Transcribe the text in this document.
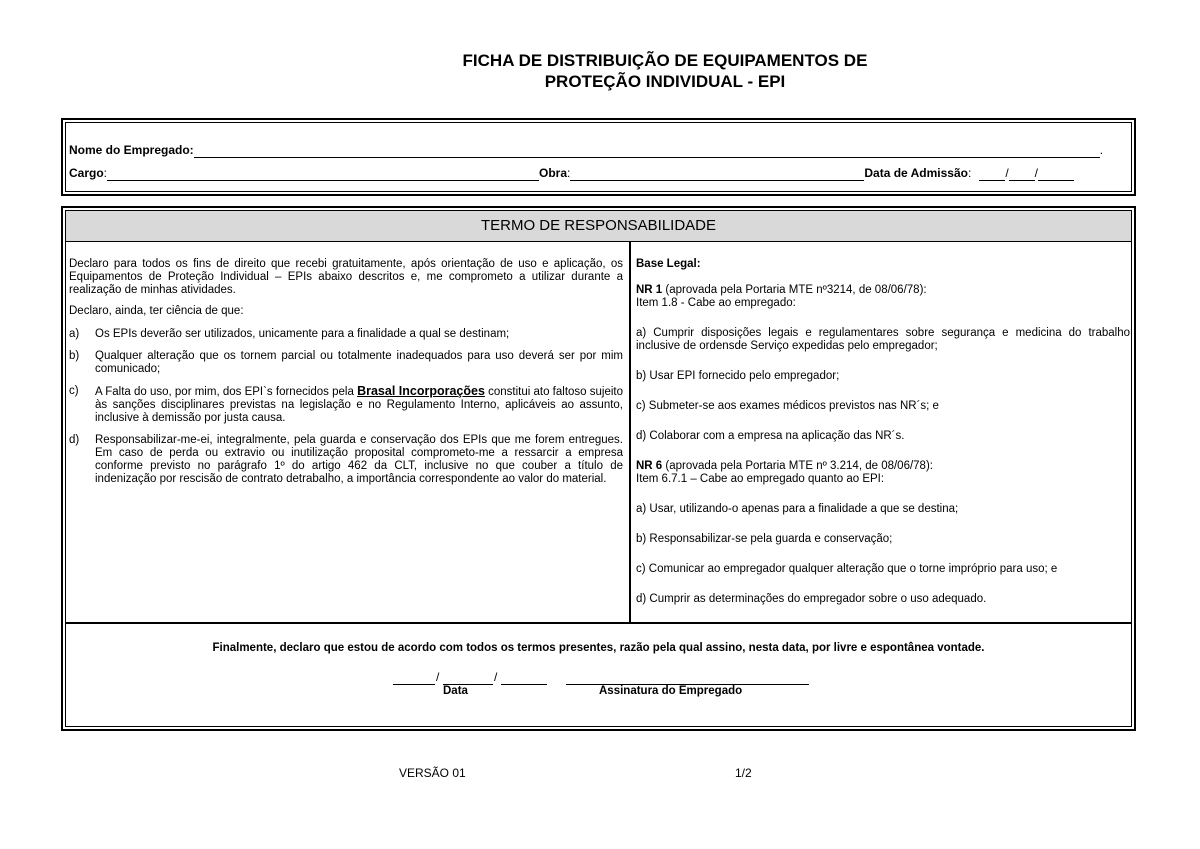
FICHA DE DISTRIBUIÇÃO DE EQUIPAMENTOS DE
PROTEÇÃO INDIVIDUAL - EPI
Nome do Empregado:	.
Cargo :	Obra :	Data de Admissão :	/ /
TERMO DE RESPONSABILIDADE
Declaro para todos os fins de direito que recebi gratuitamente, após orientação de uso e aplicação, os Equipamentos de Proteção Individual – EPIs abaixo descritos e, me comprometo a utilizar durante a realização de minhas atividades.
Declaro, ainda, ter ciência de que:
a)	Os EPIs deverão ser utilizados, unicamente para a finalidade a qual se destinam;
b)	Qualquer alteração que os tornem parcial ou totalmente inadequados para uso deverá ser por mim comunicado;
c)	A Falta do uso, por mim, dos EPI`s fornecidos pela Brasal Incorporações constitui ato faltoso sujeito às sanções disciplinares previstas na legislação e no Regulamento Interno, aplicáveis ao assunto, inclusive à demissão por justa causa.
d)	Responsabilizar-me-ei, integralmente, pela guarda e conservação dos EPIs que me forem entregues. Em caso de perda ou extravio ou inutilização proposital comprometo-me a ressarcir a empresa conforme previsto no parágrafo 1º do artigo 462 da CLT, inclusive no que couber a título de indenização por rescisão de contrato detrabalho, a importância correspondente ao valor do material.
Base Legal:
NR 1 (aprovada pela Portaria MTE nº3214, de 08/06/78):
Item 1.8 - Cabe ao empregado:
a) Cumprir disposições legais e regulamentares sobre segurança e medicina do trabalho inclusive de ordensde Serviço expedidas pelo empregador;
b) Usar EPI fornecido pelo empregador;
c) Submeter-se aos exames médicos previstos nas NR´s; e
d) Colaborar com a empresa na aplicação das NR´s.
NR 6 (aprovada pela Portaria MTE nº 3.214, de 08/06/78):
Item 6.7.1 – Cabe ao empregado quanto ao EPI:
a) Usar, utilizando-o apenas para a finalidade a que se destina;
b) Responsabilizar-se pela guarda e conservação;
c) Comunicar ao empregador qualquer alteração que o torne impróprio para uso; e
d) Cumprir as determinações do empregador sobre o uso adequado.
Finalmente, declaro que estou de acordo com todos os termos presentes, razão pela qual assino, nesta data, por livre e espontânea vontade.
/	/
Data	Assinatura do Empregado
VERSÃO 01	1/2
